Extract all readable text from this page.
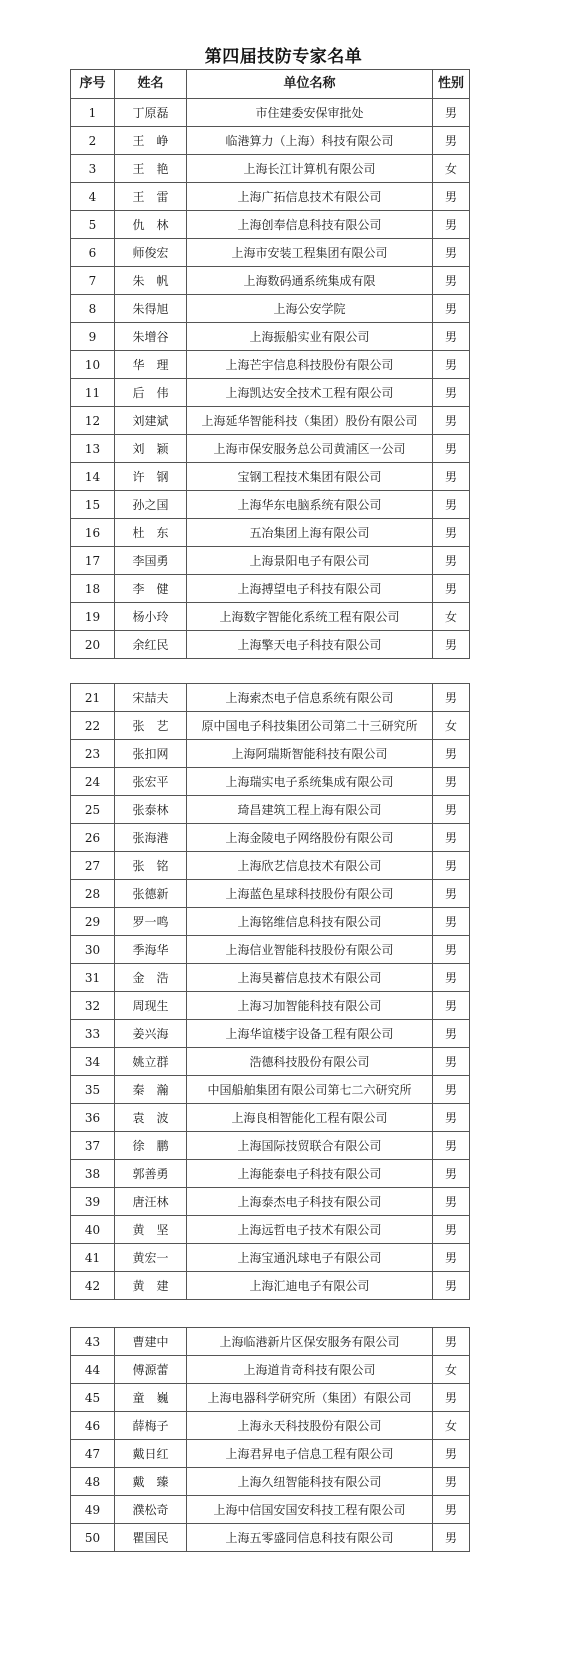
第四届技防专家名单
序号	姓名	单位名称	性别
1	丁原磊	市住建委安保审批处	男
2	王　峥	临港算力（上海）科技有限公司	男
3	王　艳	上海长江计算机有限公司	女
4	王　雷	上海广拓信息技术有限公司	男
5	仇　林	上海创奉信息科技有限公司	男
6	师俊宏	上海市安装工程集团有限公司	男
7	朱　帆	上海数码通系统集成有限	男
8	朱得旭	上海公安学院	男
9	朱增谷	上海振船实业有限公司	男
10	华　理	上海芒宇信息科技股份有限公司	男
11	后　伟	上海凯达安全技术工程有限公司	男
12	刘建斌	上海延华智能科技（集团）股份有限公司	男
13	刘　颖	上海市保安服务总公司黄浦区一公司	男
14	许　钢	宝钢工程技术集团有限公司	男
15	孙之国	上海华东电脑系统有限公司	男
16	杜　东	五冶集团上海有限公司	男
17	李国勇	上海景阳电子有限公司	男
18	李　健	上海搏望电子科技有限公司	男
19	杨小玲	上海数字智能化系统工程有限公司	女
20	余红民	上海擎天电子科技有限公司	男
21	宋喆夫	上海索杰电子信息系统有限公司	男
22	张　艺	原中国电子科技集团公司第二十三研究所	女
23	张扣网	上海阿瑞斯智能科技有限公司	男
24	张宏平	上海瑞实电子系统集成有限公司	男
25	张泰林	琦昌建筑工程上海有限公司	男
26	张海港	上海金陵电子网络股份有限公司	男
27	张　铭	上海欣艺信息技术有限公司	男
28	张德新	上海蓝色星球科技股份有限公司	男
29	罗一鸣	上海铭维信息科技有限公司	男
30	季海华	上海信业智能科技股份有限公司	男
31	金　浩	上海昊蓄信息技术有限公司	男
32	周现生	上海习加智能科技有限公司	男
33	姜兴海	上海华谊楼宇设备工程有限公司	男
34	姚立群	浩德科技股份有限公司	男
35	秦　瀚	中国船舶集团有限公司第七二六研究所	男
36	袁　波	上海良相智能化工程有限公司	男
37	徐　鹏	上海国际技贸联合有限公司	男
38	郭善勇	上海能泰电子科技有限公司	男
39	唐汪林	上海泰杰电子科技有限公司	男
40	黄　坚	上海远哲电子技术有限公司	男
41	黄宏一	上海宝通汎球电子有限公司	男
42	黄　建	上海汇迪电子有限公司	男
43	曹建中	上海临港新片区保安服务有限公司	男
44	傅源蕾	上海道肯奇科技有限公司	女
45	童　巍	上海电器科学研究所（集团）有限公司	男
46	薛梅子	上海永天科技股份有限公司	女
47	戴日红	上海君昇电子信息工程有限公司	男
48	戴　臻	上海久纽智能科技有限公司	男
49	濮松奇	上海中信国安国安科技工程有限公司	男
50	瞿国民	上海五零盛同信息科技有限公司	男
